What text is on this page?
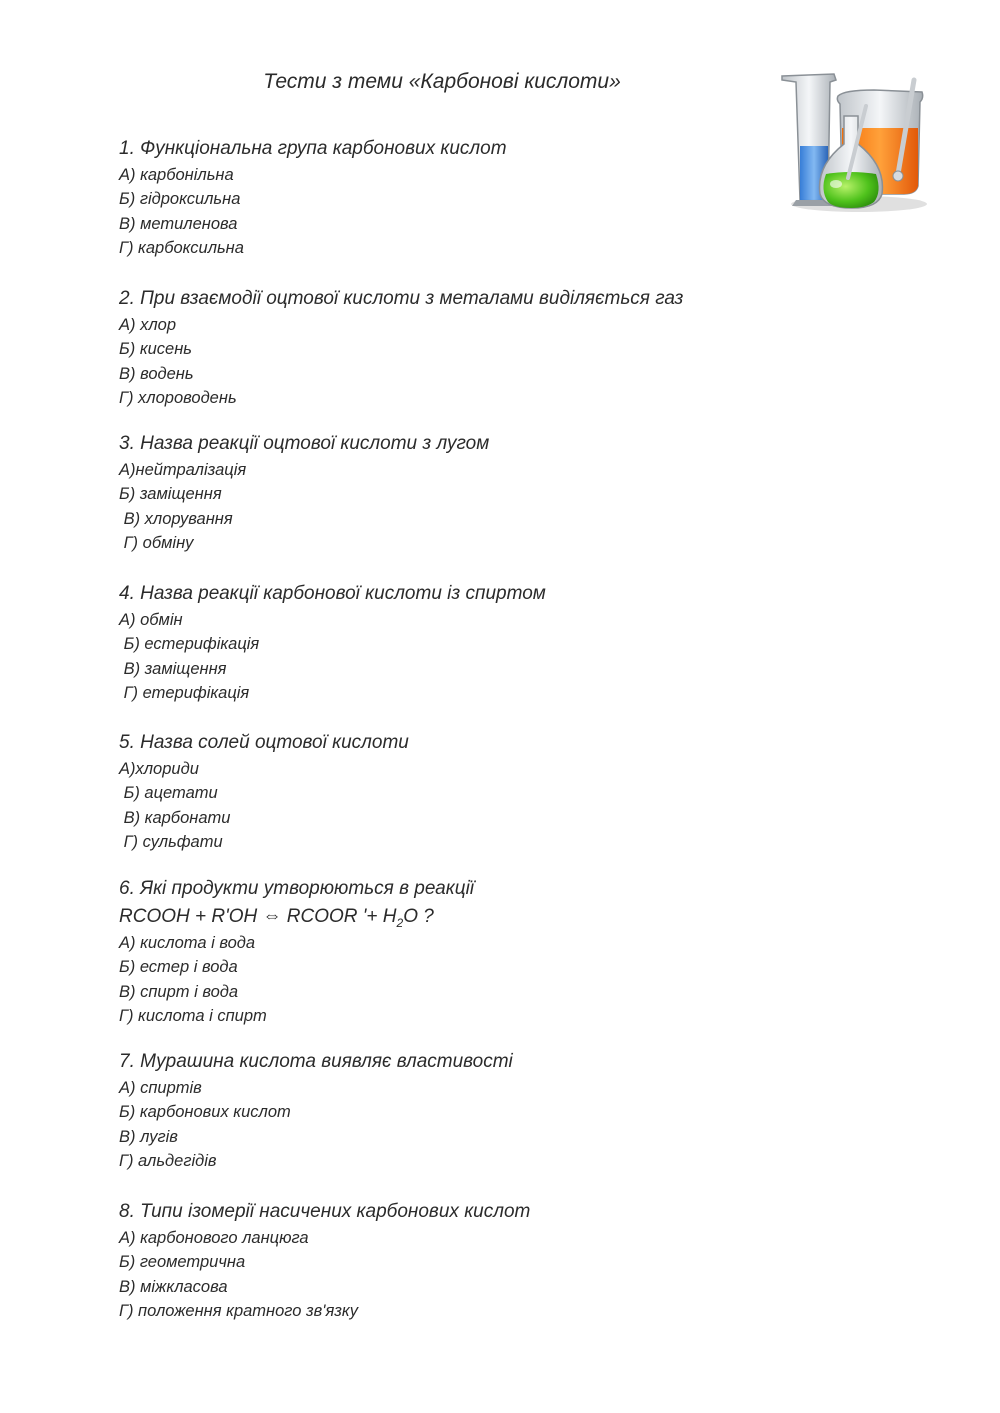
Тести з теми «Карбонові кислоти»
1. Функціональна група карбонових кислот
А) карбонільна
Б) гідроксильна
В) метиленова
Г) карбоксильна
2. При взаємодії оцтової кислоти з металами виділяється газ
А) хлор
Б) кисень
В) водень
Г) хлороводень
3. Назва реакції оцтової кислоти з лугом
А)нейтралізація
Б) заміщення
В) хлорування
Г) обміну
4. Назва реакції карбонової кислоти із спиртом
А) обмін
Б) естерифікація
В) заміщення
Г) етерифікація
5. Назва солей оцтової кислоти
А)хлориди
Б) ацетати
В) карбонати
Г) сульфати
6. Які продукти утворюються в реакції
RCOOH + R'OH ⇔ RCOOR '+ $H_2O$ ?
А) кислота і вода
Б) естер і вода
В) спирт і вода
Г) кислота і спирт
7. Мурашина кислота виявляє властивості
А) спиртів
Б) карбонових кислот
В) лугів
Г) альдегідів
8. Типи ізомерії насичених карбонових кислот
А) карбонового ланцюга
Б) геометрична
В) міжкласова
Г) положення кратного зв'язку
